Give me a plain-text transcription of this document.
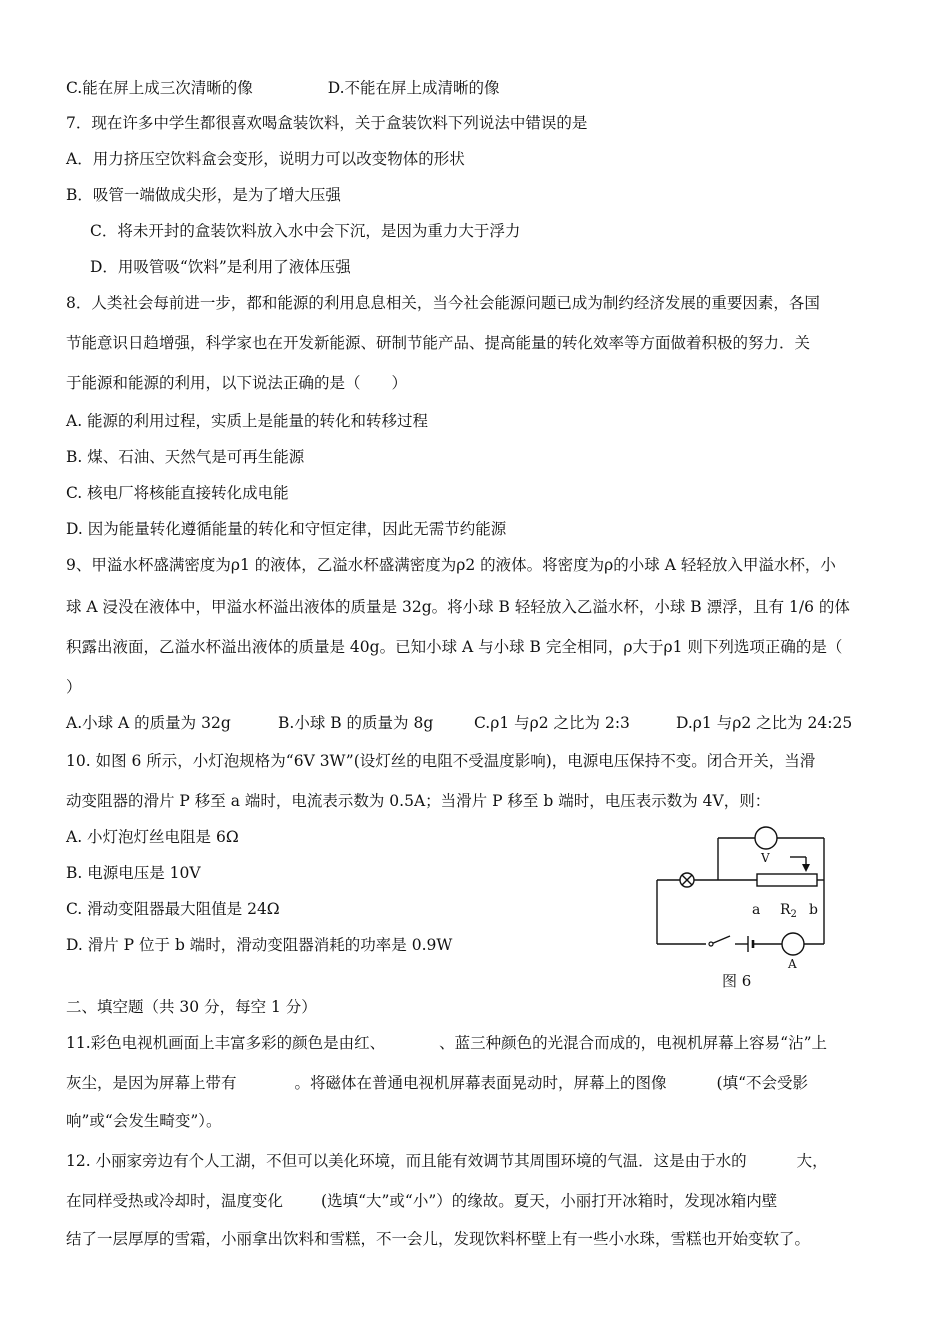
C.能在屏上成三次清晰的像	D.不能在屏上成清晰的像
7．现在许多中学生都很喜欢喝盒装饮料，关于盒装饮料下列说法中错误的是
A．用力挤压空饮料盒会变形，说明力可以改变物体的形状
B．吸管一端做成尖形，是为了增大压强
C．将未开封的盒装饮料放入水中会下沉，是因为重力大于浮力
D．用吸管吸“饮料”是利用了液体压强
8．人类社会每前进一步，都和能源的利用息息相关，当今社会能源问题已成为制约经济发展的重要因素，各国
节能意识日趋增强，科学家也在开发新能源、研制节能产品、提高能量的转化效率等方面做着积极的努力．关
于能源和能源的利用，以下说法正确的是（　　）
A. 能源的利用过程，实质上是能量的转化和转移过程
B. 煤、石油、天然气是可再生能源
C. 核电厂将核能直接转化成电能
D. 因为能量转化遵循能量的转化和守恒定律，因此无需节约能源
9、甲溢水杯盛满密度为ρ1 的液体，乙溢水杯盛满密度为ρ2 的液体。将密度为ρ的小球 A 轻轻放入甲溢水杯，小
球 A 浸没在液体中，甲溢水杯溢出液体的质量是 32g。将小球 B 轻轻放入乙溢水杯，小球 B 漂浮，且有 1/6 的体
积露出液面，乙溢水杯溢出液体的质量是 40g。已知小球 A 与小球 B 完全相同，ρ大于ρ1 则下列选项正确的是（
）
A.小球 A 的质量为 32g	B.小球 B 的质量为 8g	C.ρ1 与ρ2 之比为 2:3	D.ρ1 与ρ2 之比为 24:25
10. 如图 6 所示，小灯泡规格为“6V 3W”(设灯丝的电阻不受温度影响)，电源电压保持不变。闭合开关，当滑
动变阻器的滑片 P 移至 a 端时，电流表示数为 0.5A；当滑片 P 移至 b 端时，电压表示数为 4V，则：
A. 小灯泡灯丝电阻是 6Ω
B. 电源电压是 10V
C. 滑动变阻器最大阻值是 24Ω
D. 滑片 P 位于 b 端时，滑动变阻器消耗的功率是 0.9W
V
A
a $R_2$ b
图 6
二、填空题（共 30 分，每空 1 分）
11.彩色电视机画面上丰富多彩的颜色是由红、	、蓝三种颜色的光混合而成的，电视机屏幕上容易“沾”上
灰尘，是因为屏幕上带有	。将磁体在普通电视机屏幕表面晃动时，屏幕上的图像	(填“不会受影
响”或“会发生畸变”）。
12. 小丽家旁边有个人工湖，不但可以美化环境，而且能有效调节其周围环境的气温．这是由于水的	大，
在同样受热或冷却时，温度变化 (选填“大”或“小”）的缘故。夏天，小丽打开冰箱时，发现冰箱内壁
结了一层厚厚的雪霜，小丽拿出饮料和雪糕，不一会儿，发现饮料杯壁上有一些小水珠，雪糕也开始变软了。
